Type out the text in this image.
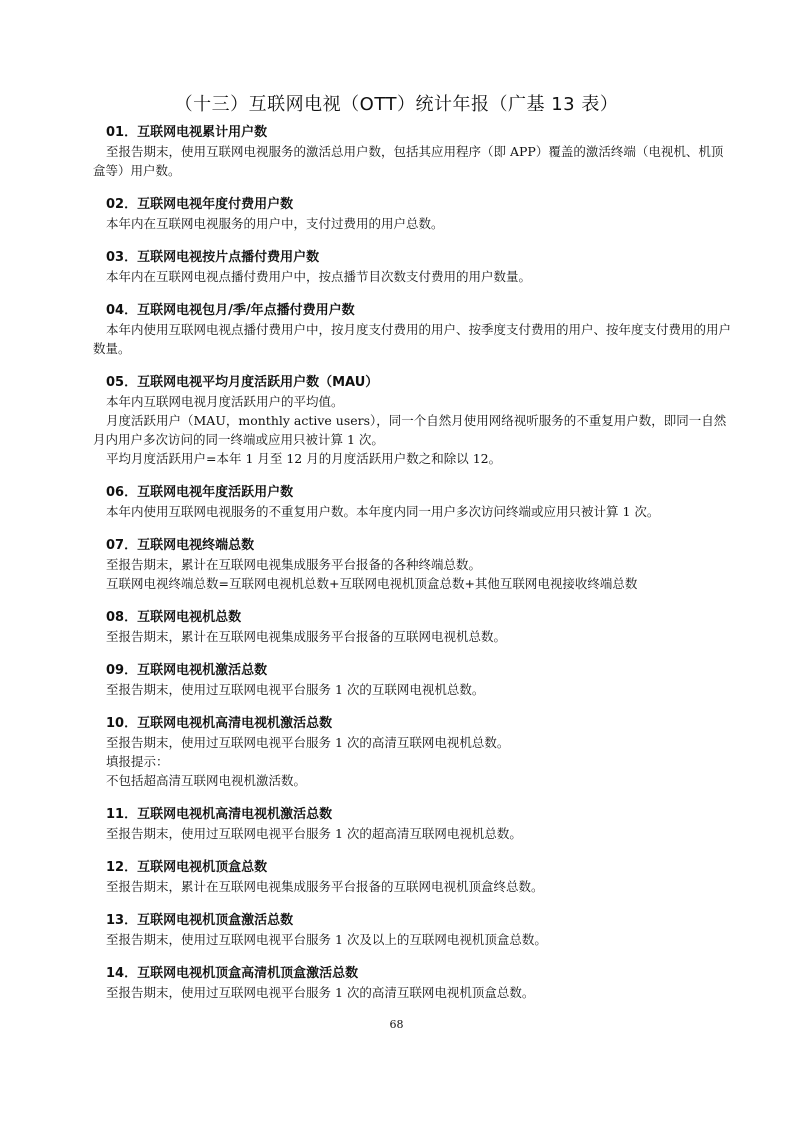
（十三）互联网电视（OTT）统计年报（广基 13 表）
01．互联网电视累计用户数
至报告期末，使用互联网电视服务的激活总用户数，包括其应用程序（即 APP）覆盖的激活终端（电视机、机顶盒等）用户数。
02．互联网电视年度付费用户数
本年内在互联网电视服务的用户中，支付过费用的用户总数。
03．互联网电视按片点播付费用户数
本年内在互联网电视点播付费用户中，按点播节目次数支付费用的用户数量。
04．互联网电视包月/季/年点播付费用户数
本年内使用互联网电视点播付费用户中，按月度支付费用的用户、按季度支付费用的用户、按年度支付费用的用户数量。
05．互联网电视平均月度活跃用户数（MAU）
本年内互联网电视月度活跃用户的平均值。
月度活跃用户（MAU，monthly active users），同一个自然月使用网络视听服务的不重复用户数，即同一自然月内用户多次访问的同一终端或应用只被计算 1 次。
平均月度活跃用户=本年 1 月至 12 月的月度活跃用户数之和除以 12。
06．互联网电视年度活跃用户数
本年内使用互联网电视服务的不重复用户数。本年度内同一用户多次访问终端或应用只被计算 1 次。
07．互联网电视终端总数
至报告期末，累计在互联网电视集成服务平台报备的各种终端总数。
互联网电视终端总数=互联网电视机总数+互联网电视机顶盒总数+其他互联网电视接收终端总数
08．互联网电视机总数
至报告期末，累计在互联网电视集成服务平台报备的互联网电视机总数。
09．互联网电视机激活总数
至报告期末，使用过互联网电视平台服务 1 次的互联网电视机总数。
10．互联网电视机高清电视机激活总数
至报告期末，使用过互联网电视平台服务 1 次的高清互联网电视机总数。
填报提示：
不包括超高清互联网电视机激活数。
11．互联网电视机高清电视机激活总数
至报告期末，使用过互联网电视平台服务 1 次的超高清互联网电视机总数。
12．互联网电视机顶盒总数
至报告期末，累计在互联网电视集成服务平台报备的互联网电视机顶盒终总数。
13．互联网电视机顶盒激活总数
至报告期末，使用过互联网电视平台服务 1 次及以上的互联网电视机顶盒总数。
14．互联网电视机顶盒高清机顶盒激活总数
至报告期末，使用过互联网电视平台服务 1 次的高清互联网电视机顶盒总数。
68
